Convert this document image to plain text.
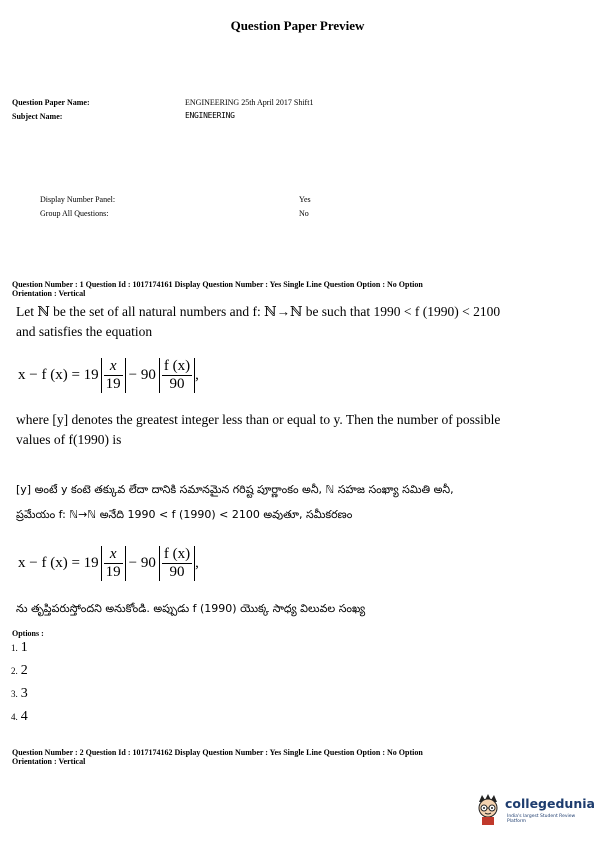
Question Paper Preview
Question Paper Name:	ENGINEERING 25th April 2017 Shift1
Subject Name:	ENGINEERING
Display Number Panel:	Yes
Group All Questions:	No
Question Number : 1 Question Id : 1017174161 Display Question Number : Yes Single Line Question Option : No Option
Orientation : Vertical
Let ℕ be the set of all natural numbers and f: ℕ→ℕ be such that 1990 < f (1990) < 2100
and satisfies the equation
x − f $(x) = 19 \frac{x}{19} - 90 \frac{f (x)}{90}$ ,
where [y] denotes the greatest integer less than or equal to y. Then the number of possible
values of f(1990) is
[y] అంటే y కంటె తక్కువ లేదా దానికి సమానమైన గరిష్ట పూర్ణాంకం అనీ, ℕ సహజ సంఖ్యా సమితి అనీ,
ప్రమేయం f: ℕ→ℕ అనేది 1990 < f (1990) < 2100 అవుతూ, సమీకరణం
x − f $(x) = 19 \frac{x}{19} - 90 \frac{f (x)}{90}$ ,
ను తృప్తిపరుస్తోందని అనుకోండి. అప్పుడు f (1990) యొక్క సాధ్య విలువల సంఖ్య
Options :
1. 1
2. 2
3. 3
4. 4
Question Number : 2 Question Id : 1017174162 Display Question Number : Yes Single Line Question Option : No Option
Orientation : Vertical
collegedunia
India's largest Student Review Platform
